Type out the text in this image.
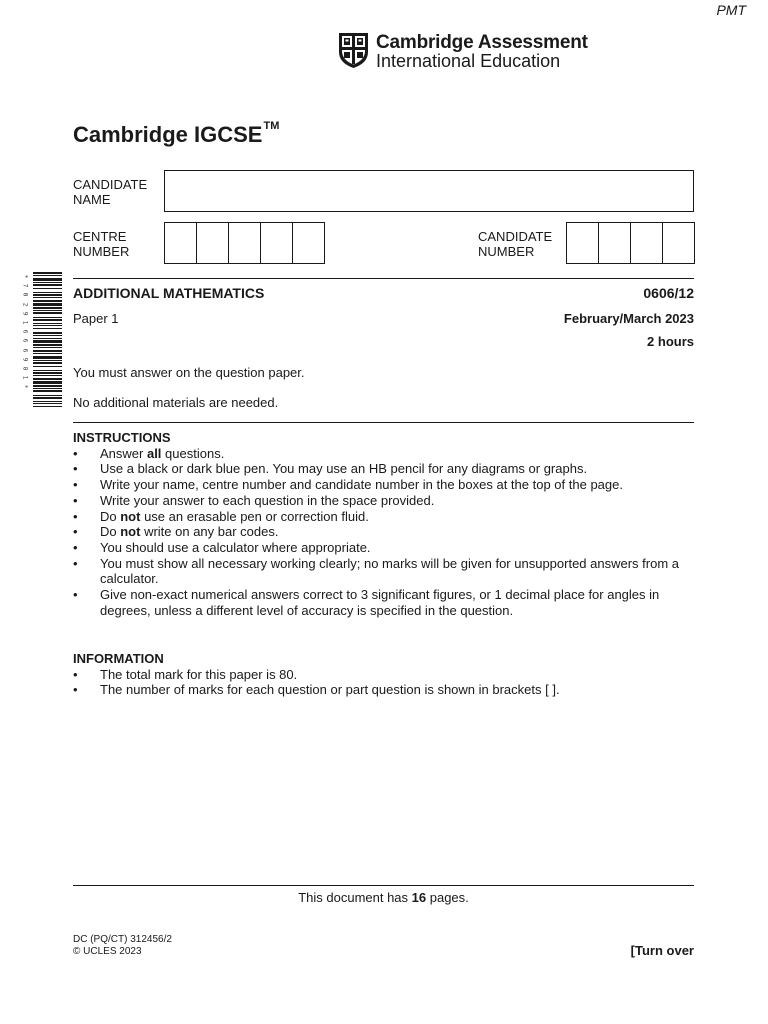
PMT
Cambridge Assessment
International Education
Cambridge IGCSE™
CANDIDATE
NAME
CENTRE
NUMBER
CANDIDATE
NUMBER
*
7
0
2
9
1
6
6
6
9
8
1
*
ADDITIONAL MATHEMATICS	0606/12
Paper 1	February/March 2023
2 hours
You must answer on the question paper.
No additional materials are needed.
INSTRUCTIONS
• Answer all questions.
• Use a black or dark blue pen. You may use an HB pencil for any diagrams or graphs.
• Write your name, centre number and candidate number in the boxes at the top of the page.
• Write your answer to each question in the space provided.
• Do not use an erasable pen or correction fluid.
• Do not write on any bar codes.
• You should use a calculator where appropriate.
• You must show all necessary working clearly; no marks will be given for unsupported answers from a calculator.
• Give non-exact numerical answers correct to 3 significant figures, or 1 decimal place for angles in degrees, unless a different level of accuracy is specified in the question.
INFORMATION
• The total mark for this paper is 80.
• The number of marks for each question or part question is shown in brackets [ ].
This document has 16 pages.
DC (PQ/CT) 312456/2
© UCLES 2023	[Turn over
